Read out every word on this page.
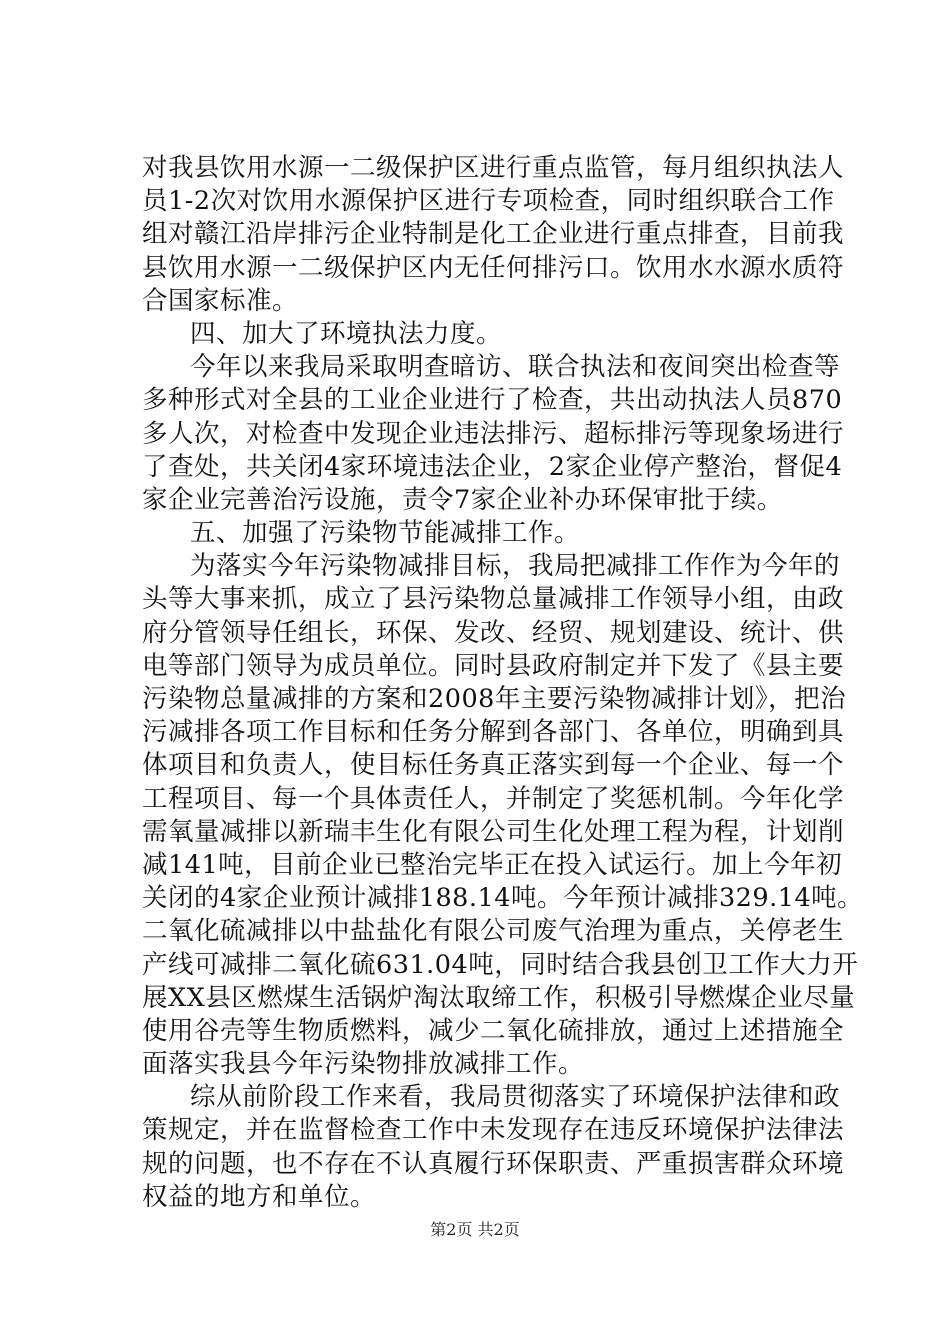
对我县饮用水源一二级保护区进行重点监管，每月组织执法人
员1-2次对饮用水源保护区进行专项检查，同时组织联合工作
组对赣江沿岸排污企业特制是化工企业进行重点排查，目前我
县饮用水源一二级保护区内无任何排污口。饮用水水源水质符
合国家标准。
四、加大了环境执法力度。
今年以来我局采取明查暗访、联合执法和夜间突出检查等
多种形式对全县的工业企业进行了检查，共出动执法人员870
多人次，对检查中发现企业违法排污、超标排污等现象场进行
了查处，共关闭4家环境违法企业，2家企业停产整治，督促4
家企业完善治污设施，责令7家企业补办环保审批于续。
五、加强了污染物节能减排工作。
为落实今年污染物减排目标，我局把减排工作作为今年的
头等大事来抓，成立了县污染物总量减排工作领导小组，由政
府分管领导任组长，环保、发改、经贸、规划建设、统计、供
电等部门领导为成员单位。同时县政府制定并下发了《县主要
污染物总量减排的方案和2008年主要污染物减排计划》，把治
污减排各项工作目标和任务分解到各部门、各单位，明确到具
体项目和负责人，使目标任务真正落实到每一个企业、每一个
工程项目、每一个具体责任人，并制定了奖惩机制。今年化学
需氧量减排以新瑞丰生化有限公司生化处理工程为程，计划削
减141吨，目前企业已整治完毕正在投入试运行。加上今年初
关闭的4家企业预计减排188.14吨。今年预计减排329.14吨。
二氧化硫减排以中盐盐化有限公司废气治理为重点，关停老生
产线可减排二氧化硫631.04吨，同时结合我县创卫工作大力开
展XX县区燃煤生活锅炉淘汰取缔工作，积极引导燃煤企业尽量
使用谷壳等生物质燃料，减少二氧化硫排放，通过上述措施全
面落实我县今年污染物排放减排工作。
综从前阶段工作来看，我局贯彻落实了环境保护法律和政
策规定，并在监督检查工作中未发现存在违反环境保护法律法
规的问题，也不存在不认真履行环保职责、严重损害群众环境
权益的地方和单位。
第2页 共2页
